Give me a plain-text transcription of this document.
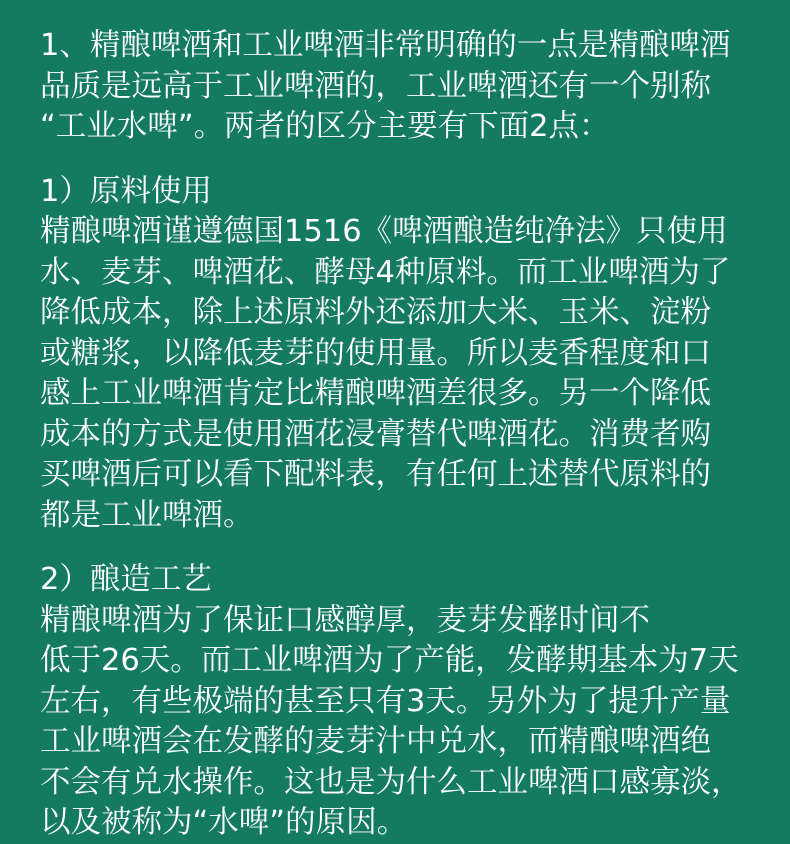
1、精酿啤酒和工业啤酒非常明确的一点是精酿啤酒
品质是远高于工业啤酒的，工业啤酒还有一个别称
“工业水啤”。两者的区分主要有下面2点：
1）原料使用
精酿啤酒谨遵德国1516《啤酒酿造纯净法》只使用
水、麦芽、啤酒花、酵母4种原料。而工业啤酒为了
降低成本，除上述原料外还添加大米、玉米、淀粉
或糖浆，以降低麦芽的使用量。所以麦香程度和口
感上工业啤酒肯定比精酿啤酒差很多。另一个降低
成本的方式是使用酒花浸膏替代啤酒花。消费者购
买啤酒后可以看下配料表，有任何上述替代原料的
都是工业啤酒。
2）酿造工艺
精酿啤酒为了保证口感醇厚，麦芽发酵时间不
低于26天。而工业啤酒为了产能，发酵期基本为7天
左右，有些极端的甚至只有3天。另外为了提升产量
工业啤酒会在发酵的麦芽汁中兑水，而精酿啤酒绝
不会有兑水操作。这也是为什么工业啤酒口感寡淡，
以及被称为“水啤”的原因。
